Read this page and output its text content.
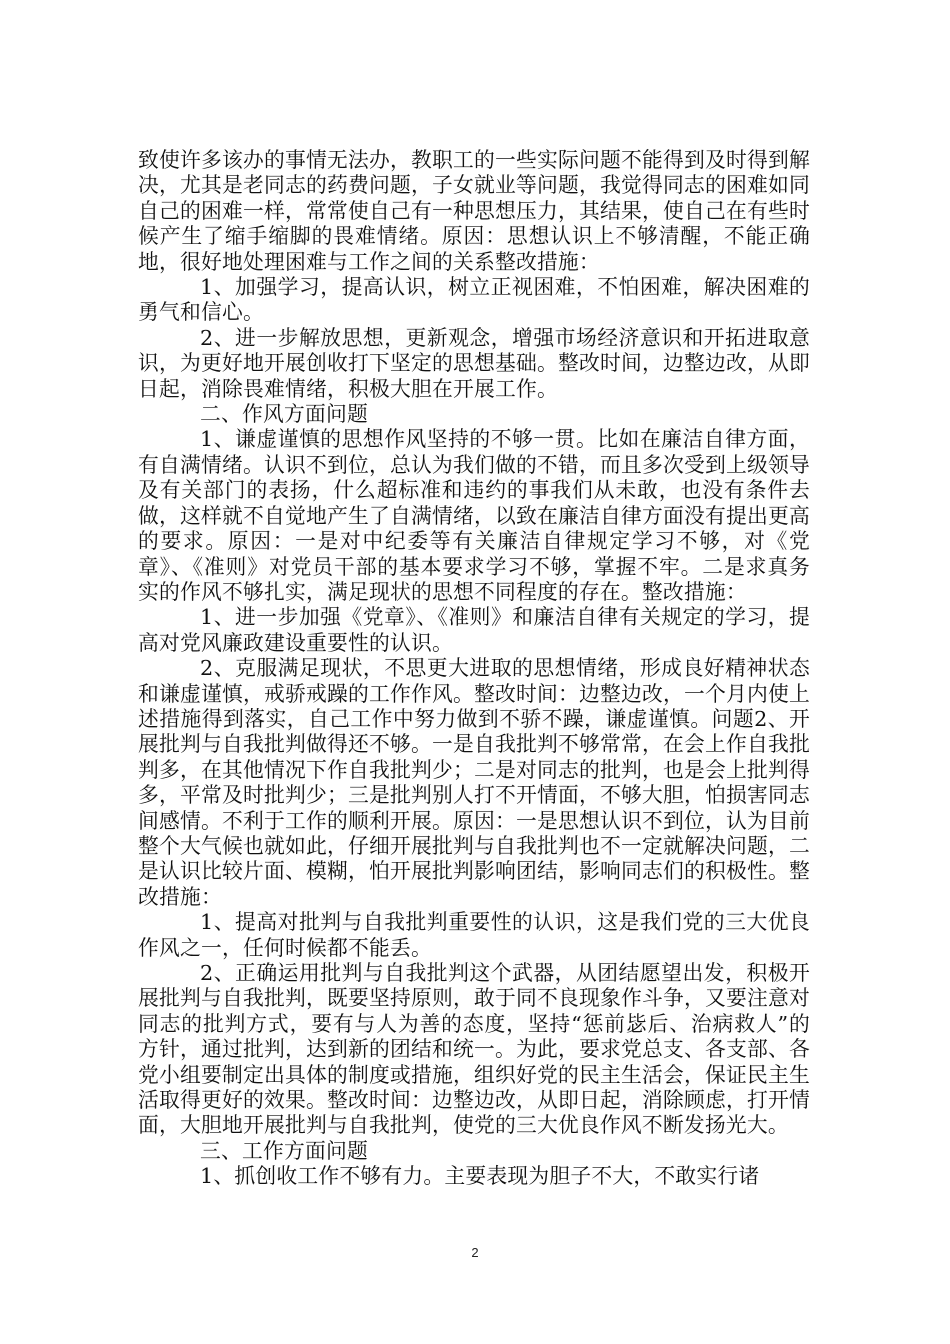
致使许多该办的事情无法办，教职工的一些实际问题不能得到及时得到解决，尤其是老同志的药费问题，子女就业等问题，我觉得同志的困难如同自己的困难一样，常常使自己有一种思想压力，其结果，使自己在有些时候产生了缩手缩脚的畏难情绪。原因：思想认识上不够清醒，不能正确地，很好地处理困难与工作之间的关系整改措施：

1、加强学习，提高认识，树立正视困难，不怕困难，解决困难的勇气和信心。

2、进一步解放思想，更新观念，增强市场经济意识和开拓进取意识，为更好地开展创收打下坚定的思想基础。整改时间，边整边改，从即日起，消除畏难情绪，积极大胆在开展工作。

二、作风方面问题

1、谦虚谨慎的思想作风坚持的不够一贯。比如在廉洁自律方面，有自满情绪。认识不到位，总认为我们做的不错，而且多次受到上级领导及有关部门的表扬，什么超标准和违约的事我们从未敢，也没有条件去做，这样就不自觉地产生了自满情绪，以致在廉洁自律方面没有提出更高的要求。原因：一是对中纪委等有关廉洁自律规定学习不够，对《党章》、《准则》对党员干部的基本要求学习不够，掌握不牢。二是求真务实的作风不够扎实，满足现状的思想不同程度的存在。整改措施：

1、进一步加强《党章》、《准则》和廉洁自律有关规定的学习，提高对党风廉政建设重要性的认识。

2、克服满足现状，不思更大进取的思想情绪，形成良好精神状态和谦虚谨慎，戒骄戒躁的工作作风。整改时间：边整边改，一个月内使上述措施得到落实，自己工作中努力做到不骄不躁，谦虚谨慎。问题2、开展批判与自我批判做得还不够。一是自我批判不够常常，在会上作自我批判多，在其他情况下作自我批判少；二是对同志的批判，也是会上批判得多，平常及时批判少；三是批判别人打不开情面，不够大胆，怕损害同志间感情。不利于工作的顺利开展。原因：一是思想认识不到位，认为目前整个大气候也就如此，仔细开展批判与自我批判也不一定就解决问题，二是认识比较片面、模糊，怕开展批判影响团结，影响同志们的积极性。整改措施：

1、提高对批判与自我批判重要性的认识，这是我们党的三大优良作风之一，任何时候都不能丢。

2、正确运用批判与自我批判这个武器，从团结愿望出发，积极开展批判与自我批判，既要坚持原则，敢于同不良现象作斗争，又要注意对同志的批判方式，要有与人为善的态度，坚持“惩前毖后、治病救人”的方针，通过批判，达到新的团结和统一。为此，要求党总支、各支部、各党小组要制定出具体的制度或措施，组织好党的民主生活会，保证民主生活取得更好的效果。整改时间：边整边改，从即日起，消除顾虑，打开情面，大胆地开展批判与自我批判，使党的三大优良作风不断发扬光大。

三、工作方面问题

1、抓创收工作不够有力。主要表现为胆子不大，不敢实行诸

2
